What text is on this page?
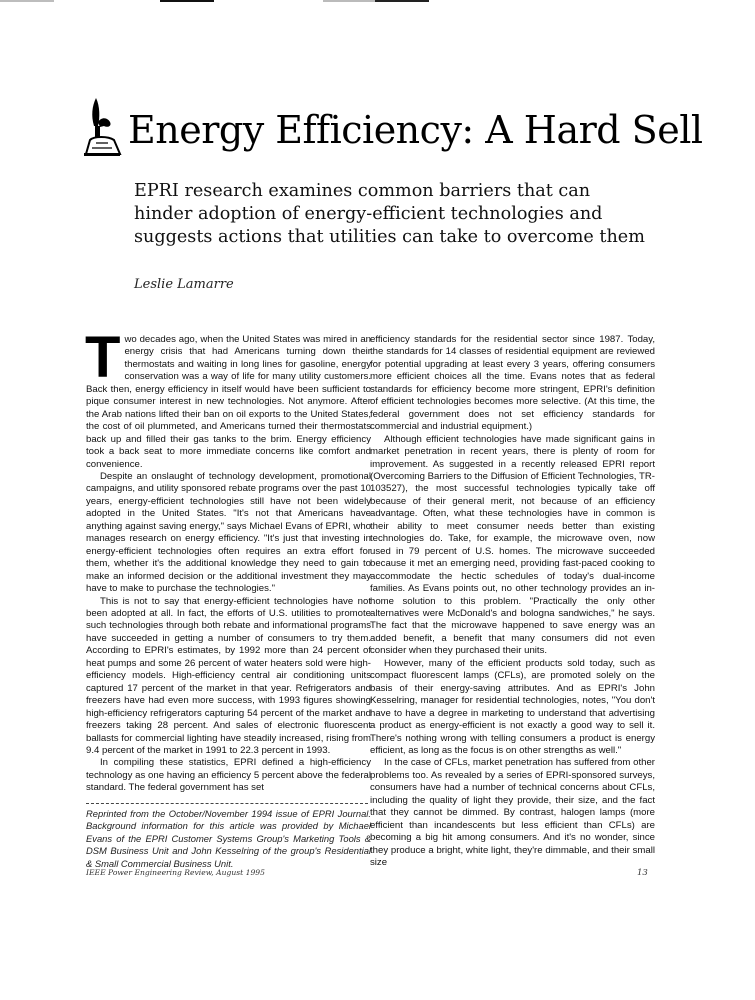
Energy Efficiency: A Hard Sell

EPRI research examines common barriers that can hinder adoption of energy-efficient technologies and suggests actions that utilities can take to overcome them

Leslie Lamarre
T wo decades ago, when the United States was mired in an energy crisis that had Americans turning down their thermostats and waiting in long lines for gasoline, energy conservation was a way of life for many utility customers. Back then, energy efficiency in itself would have been sufficient to pique consumer interest in new technologies. Not anymore. After the Arab nations lifted their ban on oil exports to the United States, the cost of oil plummeted, and Americans turned their thermostats back up and filled their gas tanks to the brim. Energy efficiency took a back seat to more immediate concerns like comfort and convenience.

Despite an onslaught of technology development, promotional campaigns, and utility sponsored rebate programs over the past 10 years, energy-efficient technologies still have not been widely adopted in the United States. "It's not that Americans have anything against saving energy," says Michael Evans of EPRI, who manages research on energy efficiency. "It's just that investing in energy-efficient technologies often requires an extra effort for them, whether it's the additional knowledge they need to gain to make an informed decision or the additional investment they may have to make to purchase the technologies."

This is not to say that energy-efficient technologies have not been adopted at all. In fact, the efforts of U.S. utilities to promote such technologies through both rebate and informational programs have succeeded in getting a number of consumers to try them. According to EPRI's estimates, by 1992 more than 24 percent of heat pumps and some 26 percent of water heaters sold were high-efficiency models. High-efficiency central air conditioning units captured 17 percent of the market in that year. Refrigerators and freezers have had even more success, with 1993 figures showing high-efficiency refrigerators capturing 54 percent of the market and freezers taking 28 percent. And sales of electronic fluorescent ballasts for commercial lighting have steadily increased, rising from 9.4 percent of the market in 1991 to 22.3 percent in 1993.

In compiling these statistics, EPRI defined a high-efficiency technology as one having an efficiency 5 percent above the federal standard. The federal government has set

Reprinted from the October/November 1994 issue of EPRI Journal. Background information for this article was provided by Michael Evans of the EPRI Customer Systems Group's Marketing Tools & DSM Business Unit and John Kesselring of the group's Residential & Small Commercial Business Unit.

efficiency standards for the residential sector since 1987. Today, the standards for 14 classes of residential equipment are reviewed for potential upgrading at least every 3 years, offering consumers more efficient choices all the time. Evans notes that as federal standards for efficiency become more stringent, EPRI's definition of efficient technologies becomes more selective. (At this time, the federal government does not set efficiency standards for commercial and industrial equipment.)

Although efficient technologies have made significant gains in market penetration in recent years, there is plenty of room for improvement. As suggested in a recently released EPRI report (Overcoming Barriers to the Diffusion of Efficient Technologies, TR-103527), the most successful technologies typically take off because of their general merit, not because of an efficiency advantage. Often, what these technologies have in common is their ability to meet consumer needs better than existing technologies do. Take, for example, the microwave oven, now used in 79 percent of U.S. homes. The microwave succeeded because it met an emerging need, providing fast-paced cooking to accommodate the hectic schedules of today's dual-income families. As Evans points out, no other technology provides an in-home solution to this problem. "Practically the only other alternatives were McDonald's and bologna sandwiches," he says. The fact that the microwave happened to save energy was an added benefit, a benefit that many consumers did not even consider when they purchased their units.

However, many of the efficient products sold today, such as compact fluorescent lamps (CFLs), are promoted solely on the basis of their energy-saving attributes. And as EPRI's John Kesselring, manager for residential technologies, notes, "You don't have to have a degree in marketing to understand that advertising a product as energy-efficient is not exactly a good way to sell it. There's nothing wrong with telling consumers a product is energy efficient, as long as the focus is on other strengths as well."

In the case of CFLs, market penetration has suffered from other problems too. As revealed by a series of EPRI-sponsored surveys, consumers have had a number of technical concerns about CFLs, including the quality of light they provide, their size, and the fact that they cannot be dimmed. By contrast, halogen lamps (more efficient than incandescents but less efficient than CFLs) are becoming a big hit among consumers. And it's no wonder, since they produce a bright, white light, they're dimmable, and their small size

IEEE Power Engineering Review, August 1995	13
